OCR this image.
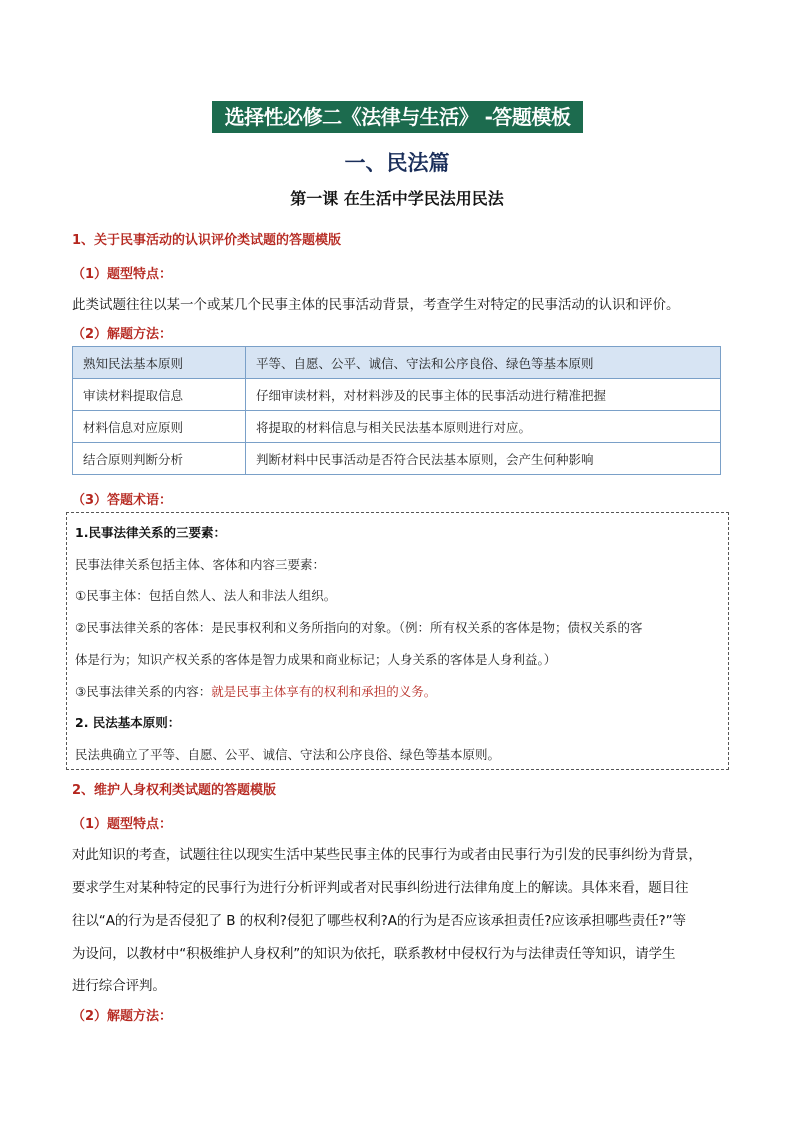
选择性必修二《法律与生活》 -答题模板
一、民法篇
第一课 在生活中学民法用民法
1、关于民事活动的认识评价类试题的答题模版
（1）题型特点：
此类试题往往以某一个或某几个民事主体的民事活动背景，考查学生对特定的民事活动的认识和评价。
（2）解题方法：
熟知民法基本原则	平等、自愿、公平、诚信、守法和公序良俗、绿色等基本原则
审读材料提取信息	仔细审读材料，对材料涉及的民事主体的民事活动进行精准把握
材料信息对应原则	将提取的材料信息与相关民法基本原则进行对应。
结合原则判断分析	判断材料中民事活动是否符合民法基本原则，会产生何种影响
（3）答题术语：
1.民事法律关系的三要素：
民事法律关系包括主体、客体和内容三要素：
①民事主体：包括自然人、法人和非法人组织。
②民事法律关系的客体：是民事权利和义务所指向的对象。（例：所有权关系的客体是物；债权关系的客
体是行为；知识产权关系的客体是智力成果和商业标记；人身关系的客体是人身利益。）
③民事法律关系的内容：就是民事主体享有的权利和承担的义务。
2. 民法基本原则：
民法典确立了平等、自愿、公平、诚信、守法和公序良俗、绿色等基本原则。
2、维护人身权利类试题的答题模版
（1）题型特点：
对此知识的考查，试题往往以现实生活中某些民事主体的民事行为或者由民事行为引发的民事纠纷为背景，
要求学生对某种特定的民事行为进行分析评判或者对民事纠纷进行法律角度上的解读。具体来看，题目往
往以“A的行为是否侵犯了 B 的权利?侵犯了哪些权利?A的行为是否应该承担责任?应该承担哪些责任?”等
为设问，以教材中“积极维护人身权利”的知识为依托，联系教材中侵权行为与法律责任等知识，请学生
进行综合评判。
（2）解题方法：
